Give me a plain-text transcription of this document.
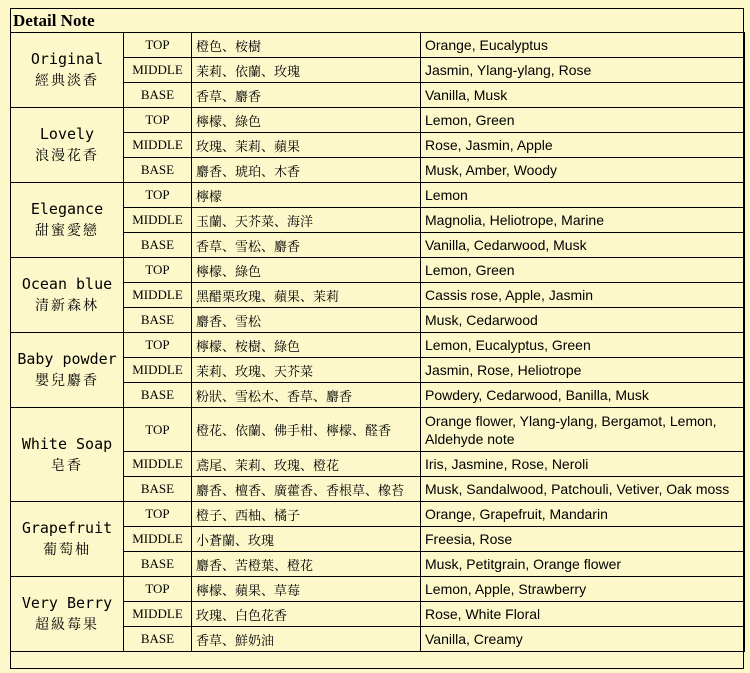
Detail Note
Original
經典淡香	TOP	橙色、桉樹	Orange, Eucalyptus
	MIDDLE	茉莉、依蘭、玫瑰	Jasmin, Ylang-ylang, Rose
	BASE	香草、麝香	Vanilla, Musk
Lovely
浪漫花香	TOP	檸檬、綠色	Lemon, Green
	MIDDLE	玫瑰、茉莉、蘋果	Rose, Jasmin, Apple
	BASE	麝香、琥珀、木香	Musk, Amber, Woody
Elegance
甜蜜愛戀	TOP	檸檬	Lemon
	MIDDLE	玉蘭、天芥菜、海洋	Magnolia, Heliotrope, Marine
	BASE	香草、雪松、麝香	Vanilla, Cedarwood, Musk
Ocean blue
清新森林	TOP	檸檬、綠色	Lemon, Green
	MIDDLE	黑醋栗玫瑰、蘋果、茉莉	Cassis rose, Apple, Jasmin
	BASE	麝香、雪松	Musk, Cedarwood
Baby powder
嬰兒麝香	TOP	檸檬、桉樹、綠色	Lemon, Eucalyptus, Green
	MIDDLE	茉莉、玫瑰、天芥菜	Jasmin, Rose, Heliotrope
	BASE	粉狀、雪松木、香草、麝香	Powdery, Cedarwood, Banilla, Musk
White Soap
皂香	TOP	橙花、依蘭、佛手柑、檸檬、醛香	Orange flower, Ylang-ylang, Bergamot, Lemon, Aldehyde note
	MIDDLE	鳶尾、茉莉、玫瑰、橙花	Iris, Jasmine, Rose, Neroli
	BASE	麝香、檀香、廣藿香、香根草、橡苔	Musk, Sandalwood, Patchouli, Vetiver, Oak moss
Grapefruit
葡萄柚	TOP	橙子、西柚、橘子	Orange, Grapefruit, Mandarin
	MIDDLE	小蒼蘭、玫瑰	Freesia, Rose
	BASE	麝香、苦橙葉、橙花	Musk, Petitgrain, Orange flower
Very Berry
超級莓果	TOP	檸檬、蘋果、草莓	Lemon, Apple, Strawberry
	MIDDLE	玫瑰、白色花香	Rose, White Floral
	BASE	香草、鮮奶油	Vanilla, Creamy
